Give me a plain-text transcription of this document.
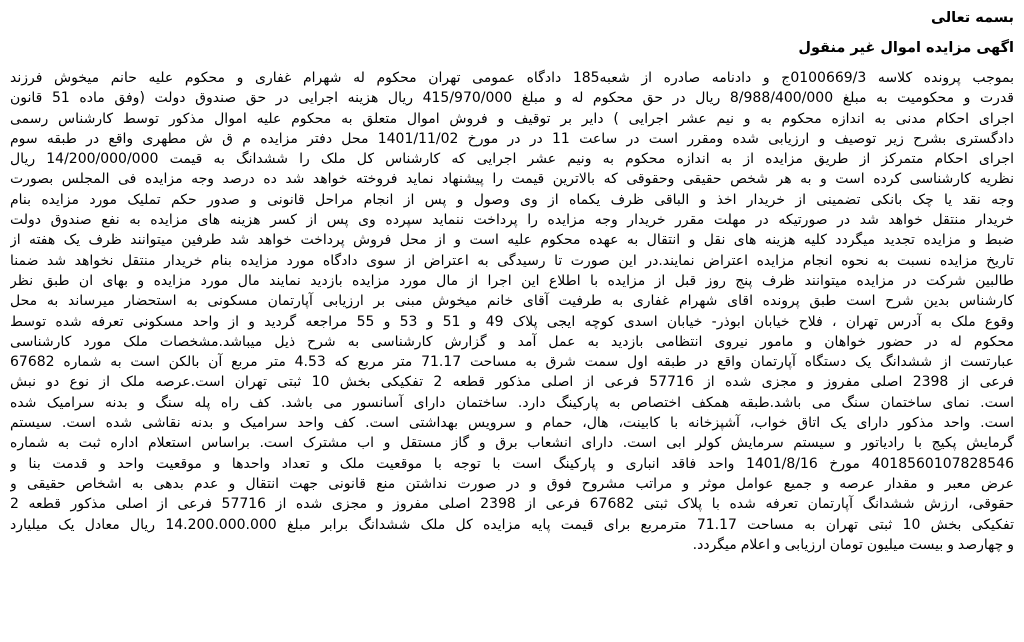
بسمه تعالی

اگهی مزایده اموال غیر منقول

بموجب پرونده کلاسه 0100669/3ج و دادنامه صادره از شعبه185 دادگاه عمومی تهران محکوم له شهرام غفاری و محکوم علیه حانم میخوش فرزند
قدرت و محکومیت به مبلغ 8/988/400/000 ریال در حق محکوم له و مبلغ 415/970/000 ریال هزینه اجرایی در حق صندوق دولت (وفق ماده 51 قانون
اجرای احکام مدنی به اندازه محکوم به و نیم عشر اجرایی ) دایر بر توقیف و فروش اموال متعلق به محکوم علیه اموال مذکور توسط کارشناس رسمی
دادگستری بشرح زیر توصیف و ارزیابی شده ومقرر است در ساعت 11 در در مورخ 1401/11/02 محل دفتر مزایده م ق ش مطهری واقع در طبقه سوم
اجرای احکام متمرکز از طریق مزایده از به اندازه محکوم به ونیم عشر اجرایی که کارشناس کل ملک را ششدانگ به قیمت 14/200/000/000 ریال
نظریه کارشناسی کرده است و به هر شخص حقیقی وحقوقی که بالاترین قیمت را پیشنهاد نماید فروخته خواهد شد ده درصد وجه مزایده فی المجلس بصورت
وجه نقد یا چک بانکی تضمینی از خریدار اخذ و الباقی ظرف یکماه از وی وصول و پس از انجام مراحل قانونی و صدور حکم تملیک مورد مزایده بنام
خریدار منتقل خواهد شد در صورتیکه در مهلت مقرر خریدار وجه مزایده را پرداخت ننماید سپرده وی پس از کسر هزینه های مزایده به نفع صندوق دولت
ضبط و مزایده تجدید میگردد کلیه هزینه های نقل و انتقال به عهده محکوم علیه است و از محل فروش پرداخت خواهد شد طرفین میتوانند ظرف یک هفته از
تاریخ مزایده نسبت به نحوه انجام مزایده اعتراض نمایند.در این صورت تا رسیدگی به اعتراض از سوی دادگاه مورد مزایده بنام خریدار منتقل نخواهد شد ضمنا
طالبین شرکت در مزایده میتوانند ظرف پنج روز قبل از مزایده با اطلاع این اجرا از مال مورد مزایده بازدید نمایند مال مورد مزایده و بهای ان طبق نظر
کارشناس بدین شرح است طبق پرونده اقای شهرام غفاری به طرفیت آقای خانم میخوش مبنی بر ارزیابی آپارتمان مسکونی به استحضار میرساند به محل
وقوع ملک به آدرس تهران ، فلاح خیابان ابوذر- خیابان اسدی کوچه ایجی پلاک 49 و 51 و 53 و 55 مراجعه گردید و از واحد مسکونی تعرفه شده توسط
محکوم له در حضور خواهان و مامور نیروی انتظامی بازدید به عمل آمد و گزارش کارشناسی به شرح ذیل میباشد.مشخصات ملک مورد کارشناسی
عبارتست از ششدانگ یک دستگاه آپارتمان واقع در طبقه اول سمت شرق به مساحت 71.17 متر مربع که 4.53 متر مربع آن بالکن است به شماره 67682
فرعی از 2398 اصلی مفروز و مجزی شده از 57716 فرعی از اصلی مذکور قطعه 2 تفکیکی بخش 10 ثبتی تهران است.عرصه ملک از نوع دو نبش
است. نمای ساختمان سنگ می باشد.طبقه همکف اختصاص به پارکینگ دارد. ساختمان دارای آسانسور می باشد. کف راه پله سنگ و بدنه سرامیک شده
است. واحد مذکور دارای یک اتاق خواب، آشپزخانه با کابینت، هال، حمام و سرویس بهداشتی است. کف واحد سرامیک و بدنه نقاشی شده است. سیستم
گرمایش پکیج با رادیاتور و سیستم سرمایش کولر ابی است. دارای انشعاب برق و گاز مستقل و اب مشترک است. براساس استعلام اداره ثبت به شماره
4018560107828546 مورخ 1401/8/16 واحد فاقد انباری و پارکینگ است با توجه با موقعیت ملک و تعداد واحدها و موقعیت واحد و قدمت بنا و
عرض معبر و مقدار عرصه و جمیع عوامل موثر و مراتب مشروح فوق و در صورت نداشتن منع قانونی جهت انتقال و عدم بدهی به اشخاص حقیقی و
حقوقی، ارزش ششدانگ آپارتمان تعرفه شده با پلاک ثبتی 67682 فرعی از 2398 اصلی مفروز و مجزی شده از 57716 فرعی از اصلی مذکور قطعه 2
تفکیکی بخش 10 ثبتی تهران به مساحت 71.17 مترمربع برای قیمت پایه مزایده کل ملک ششدانگ برابر مبلغ 14.200.000.000 ریال معادل یک میلیارد
و چهارصد و بیست میلیون تومان ارزیابی و اعلام میگردد.
